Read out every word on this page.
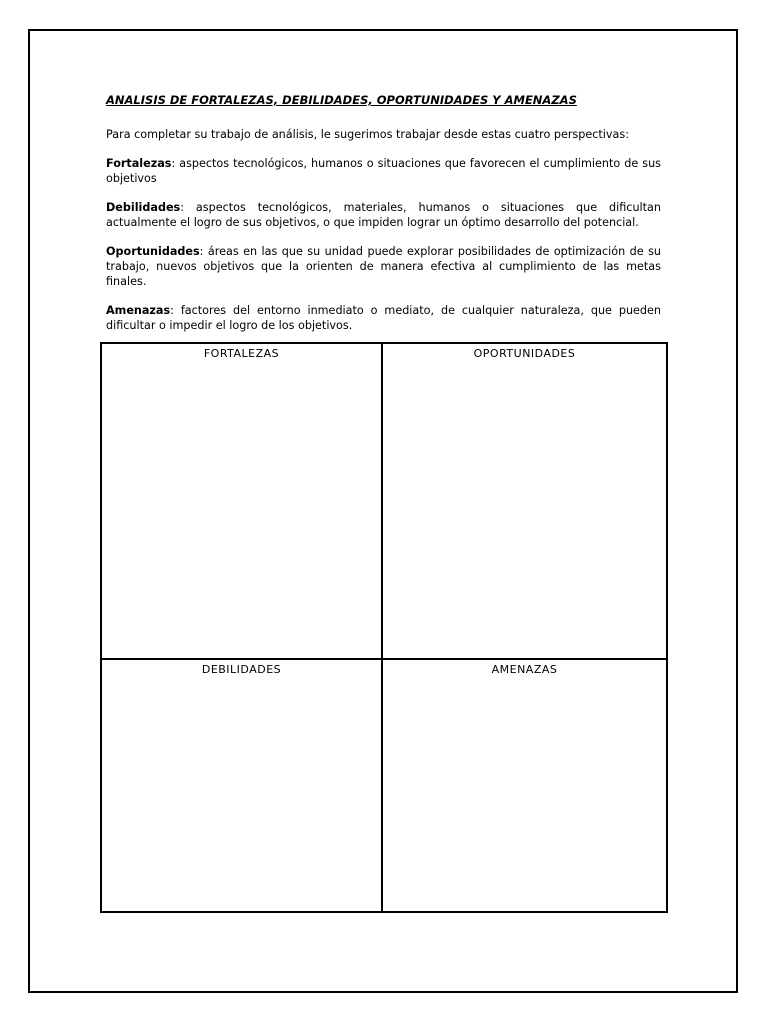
ANALISIS DE FORTALEZAS, DEBILIDADES, OPORTUNIDADES Y AMENAZAS

Para completar su trabajo de análisis, le sugerimos trabajar desde estas cuatro perspectivas:

Fortalezas: aspectos tecnológicos, humanos o situaciones que favorecen el cumplimiento de sus objetivos

Debilidades: aspectos tecnológicos, materiales, humanos o situaciones que dificultan actualmente el logro de sus objetivos, o que impiden lograr un óptimo desarrollo del potencial.

Oportunidades: áreas en las que su unidad puede explorar posibilidades de optimización de su trabajo, nuevos objetivos que la orienten de manera efectiva al cumplimiento de las metas finales.

Amenazas: factores del entorno inmediato o mediato, de cualquier naturaleza, que pueden dificultar o impedir el logro de los objetivos.

FORTALEZAS	OPORTUNIDADES
DEBILIDADES	AMENAZAS
